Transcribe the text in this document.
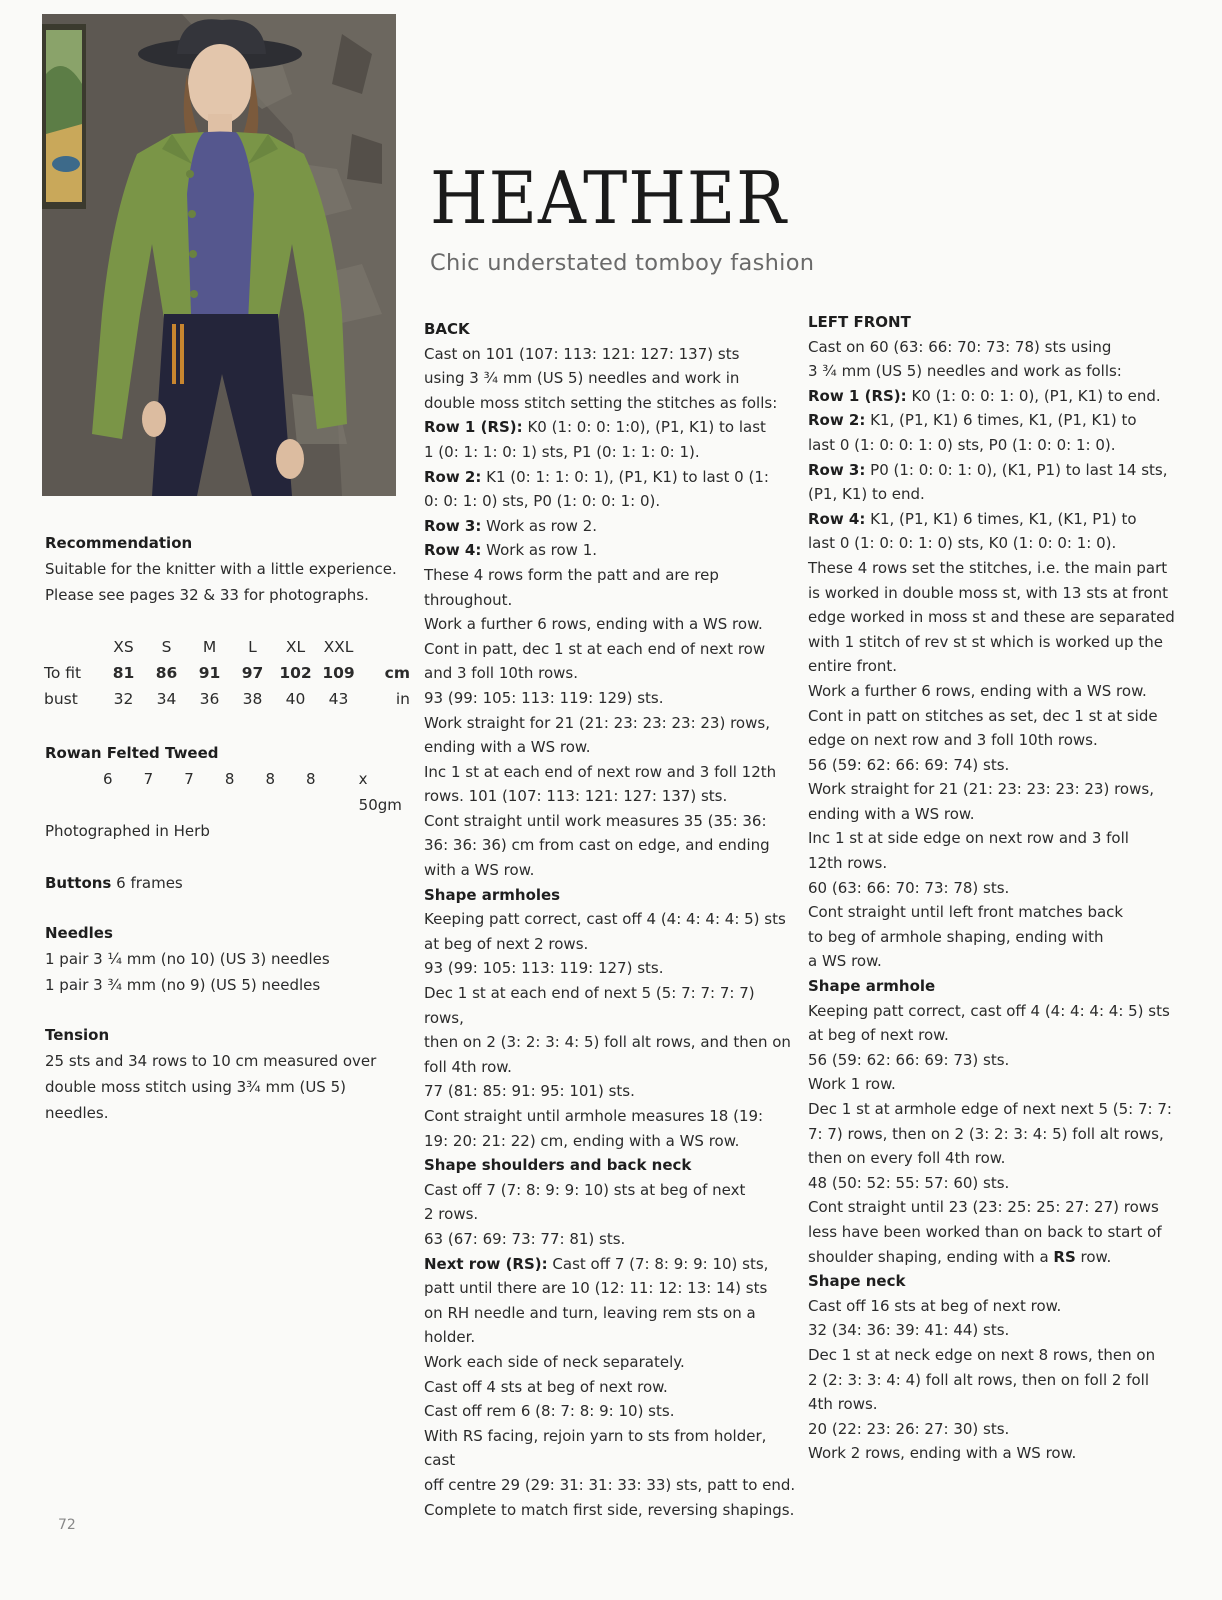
HEATHER
Chic understated tomboy fashion
Recommendation
Suitable for the knitter with a little experience.
Please see pages 32 & 33 for photographs.
	XS	S	M	L	XL	XXL	
To fit	81	86	91	97	102	109	cm
bust	32	34	36	38	40	43	in
Rowan Felted Tweed
6	7	7	8	8	8	x 50gm
Photographed in Herb
Buttons 6 frames
Needles
1 pair 3 ¼ mm (no 10) (US 3) needles
1 pair 3 ¾ mm (no 9) (US 5) needles
Tension
25 sts and 34 rows to 10 cm measured over
double moss stitch using 3¾ mm (US 5)
needles.

BACK

Cast on 101 (107: 113: 121: 127: 137) sts

using 3 ¾ mm (US 5) needles and work in

double moss stitch setting the stitches as folls:

Row 1 (RS): K0 (1: 0: 0: 1:0), (P1, K1) to last

1 (0: 1: 1: 0: 1) sts, P1 (0: 1: 1: 0: 1).

Row 2: K1 (0: 1: 1: 0: 1), (P1, K1) to last 0 (1:

0: 0: 1: 0) sts, P0 (1: 0: 0: 1: 0).

Row 3: Work as row 2.

Row 4: Work as row 1.

These 4 rows form the patt and are rep

throughout.

Work a further 6 rows, ending with a WS row.

Cont in patt, dec 1 st at each end of next row

and 3 foll 10th rows.

93 (99: 105: 113: 119: 129) sts.

Work straight for 21 (21: 23: 23: 23: 23) rows,

ending with a WS row.

Inc 1 st at each end of next row and 3 foll 12th

rows. 101 (107: 113: 121: 127: 137) sts.

Cont straight until work measures 35 (35: 36:

36: 36: 36) cm from cast on edge, and ending

with a WS row.

Shape armholes

Keeping patt correct, cast off 4 (4: 4: 4: 4: 5) sts

at beg of next 2 rows.

93 (99: 105: 113: 119: 127) sts.

Dec 1 st at each end of next 5 (5: 7: 7: 7: 7) rows,

then on 2 (3: 2: 3: 4: 5) foll alt rows, and then on

foll 4th row.

77 (81: 85: 91: 95: 101) sts.

Cont straight until armhole measures 18 (19:

19: 20: 21: 22) cm, ending with a WS row.

Shape shoulders and back neck

Cast off 7 (7: 8: 9: 9: 10) sts at beg of next

2 rows.

63 (67: 69: 73: 77: 81) sts.

Next row (RS): Cast off 7 (7: 8: 9: 9: 10) sts,

patt until there are 10 (12: 11: 12: 13: 14) sts

on RH needle and turn, leaving rem sts on a

holder.

Work each side of neck separately.

Cast off 4 sts at beg of next row.

Cast off rem 6 (8: 7: 8: 9: 10) sts.

With RS facing, rejoin yarn to sts from holder, cast

off centre 29 (29: 31: 31: 33: 33) sts, patt to end.

Complete to match first side, reversing shapings.

LEFT FRONT

Cast on 60 (63: 66: 70: 73: 78) sts using

3 ¾ mm (US 5) needles and work as folls:

Row 1 (RS): K0 (1: 0: 0: 1: 0), (P1, K1) to end.

Row 2: K1, (P1, K1) 6 times, K1, (P1, K1) to

last 0 (1: 0: 0: 1: 0) sts, P0 (1: 0: 0: 1: 0).

Row 3: P0 (1: 0: 0: 1: 0), (K1, P1) to last 14 sts,

(P1, K1) to end.

Row 4: K1, (P1, K1) 6 times, K1, (K1, P1) to

last 0 (1: 0: 0: 1: 0) sts, K0 (1: 0: 0: 1: 0).

These 4 rows set the stitches, i.e. the main part

is worked in double moss st, with 13 sts at front

edge worked in moss st and these are separated

with 1 stitch of rev st st which is worked up the

entire front.

Work a further 6 rows, ending with a WS row.

Cont in patt on stitches as set, dec 1 st at side

edge on next row and 3 foll 10th rows.

56 (59: 62: 66: 69: 74) sts.

Work straight for 21 (21: 23: 23: 23: 23) rows,

ending with a WS row.

Inc 1 st at side edge on next row and 3 foll

12th rows.

60 (63: 66: 70: 73: 78) sts.

Cont straight until left front matches back

to beg of armhole shaping, ending with

a WS row.

Shape armhole

Keeping patt correct, cast off 4 (4: 4: 4: 4: 5) sts

at beg of next row.

56 (59: 62: 66: 69: 73) sts.

Work 1 row.

Dec 1 st at armhole edge of next next 5 (5: 7: 7:

7: 7) rows, then on 2 (3: 2: 3: 4: 5) foll alt rows,

then on every foll 4th row.

48 (50: 52: 55: 57: 60) sts.

Cont straight until 23 (23: 25: 25: 27: 27) rows

less have been worked than on back to start of

shoulder shaping, ending with a RS row.

Shape neck

Cast off 16 sts at beg of next row.

32 (34: 36: 39: 41: 44) sts.

Dec 1 st at neck edge on next 8 rows, then on

2 (2: 3: 3: 4: 4) foll alt rows, then on foll 2 foll

4th rows.

20 (22: 23: 26: 27: 30) sts.

Work 2 rows, ending with a WS row.

72
